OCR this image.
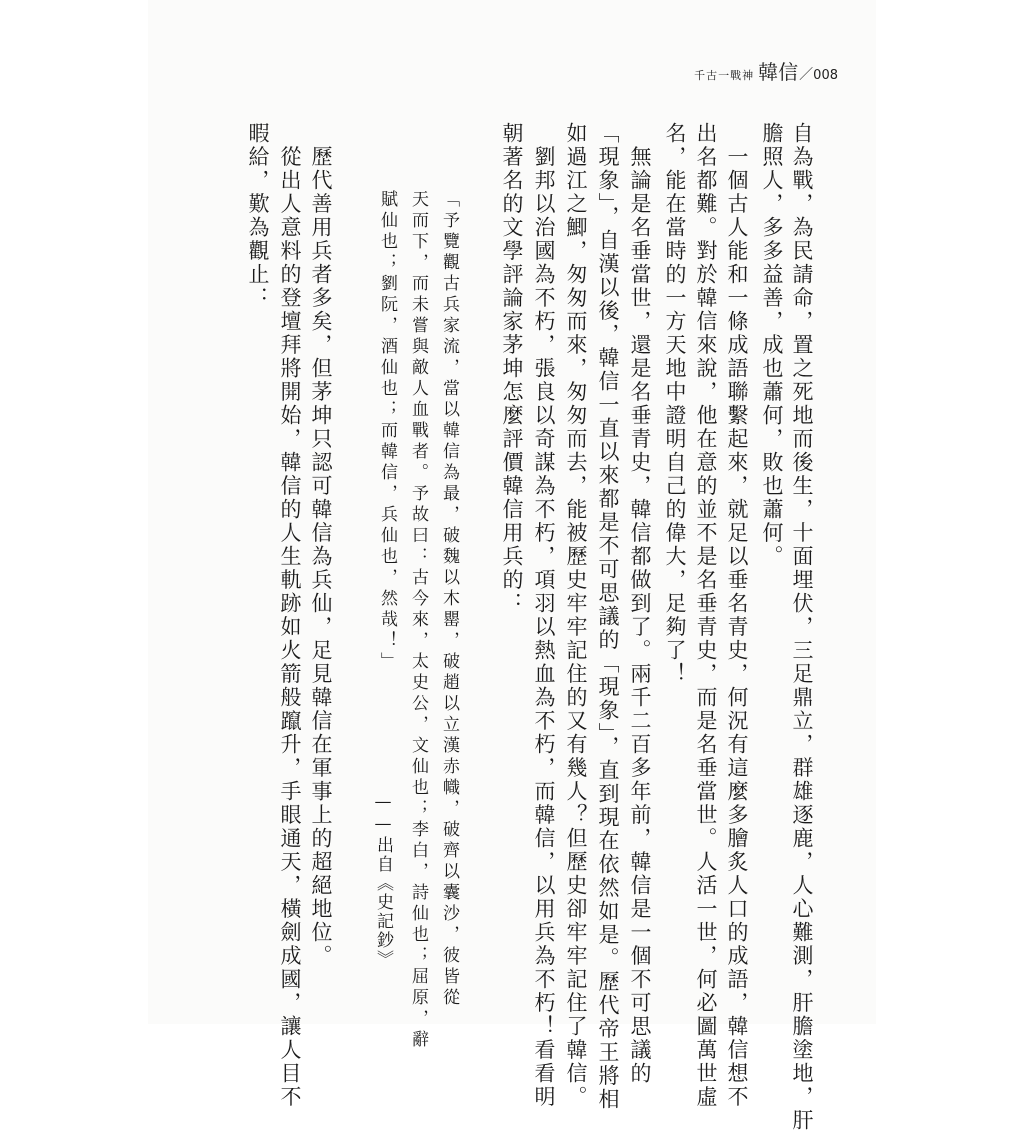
千古一戰神 韓信／008
自為戰，為民請命，置之死地而後生，十面埋伏，三足鼎立，群雄逐鹿，人心難測，肝膽塗地，肝
膽照人，多多益善，成也蕭何，敗也蕭何。
　一個古人能和一條成語聯繫起來，就足以垂名青史，何況有這麼多膾炙人口的成語，韓信想不
出名都難。對於韓信來說，他在意的並不是名垂青史，而是名垂當世。人活一世，何必圖萬世虛
名，能在當時的一方天地中證明自己的偉大，足夠了！
　無論是名垂當世，還是名垂青史，韓信都做到了。兩千二百多年前，韓信是一個不可思議的
「現象」，自漢以後，韓信一直以來都是不可思議的「現象」，直到現在依然如是。歷代帝王將相
如過江之鯽，匆匆而來，匆匆而去，能被歷史牢牢記住的又有幾人？但歷史卻牢牢記住了韓信。
　劉邦以治國為不朽，張良以奇謀為不朽，項羽以熱血為不朽，而韓信，以用兵為不朽！看看明
朝著名的文學評論家茅坤怎麼評價韓信用兵的：
「予覽觀古兵家流，當以韓信為最，破魏以木罌，破趙以立漢赤幟，破齊以囊沙，彼皆從
天而下，而未嘗與敵人血戰者。予故曰：古今來，太史公，文仙也；李白，詩仙也；屈原，辭
賦仙也；劉阮，酒仙也；而韓信，兵仙也，然哉！」
——出自《史記鈔》
　歷代善用兵者多矣，但茅坤只認可韓信為兵仙，足見韓信在軍事上的超絕地位。
　從出人意料的登壇拜將開始，韓信的人生軌跡如火箭般躥升，手眼通天，橫劍成國，讓人目不
暇給，歎為觀止：
